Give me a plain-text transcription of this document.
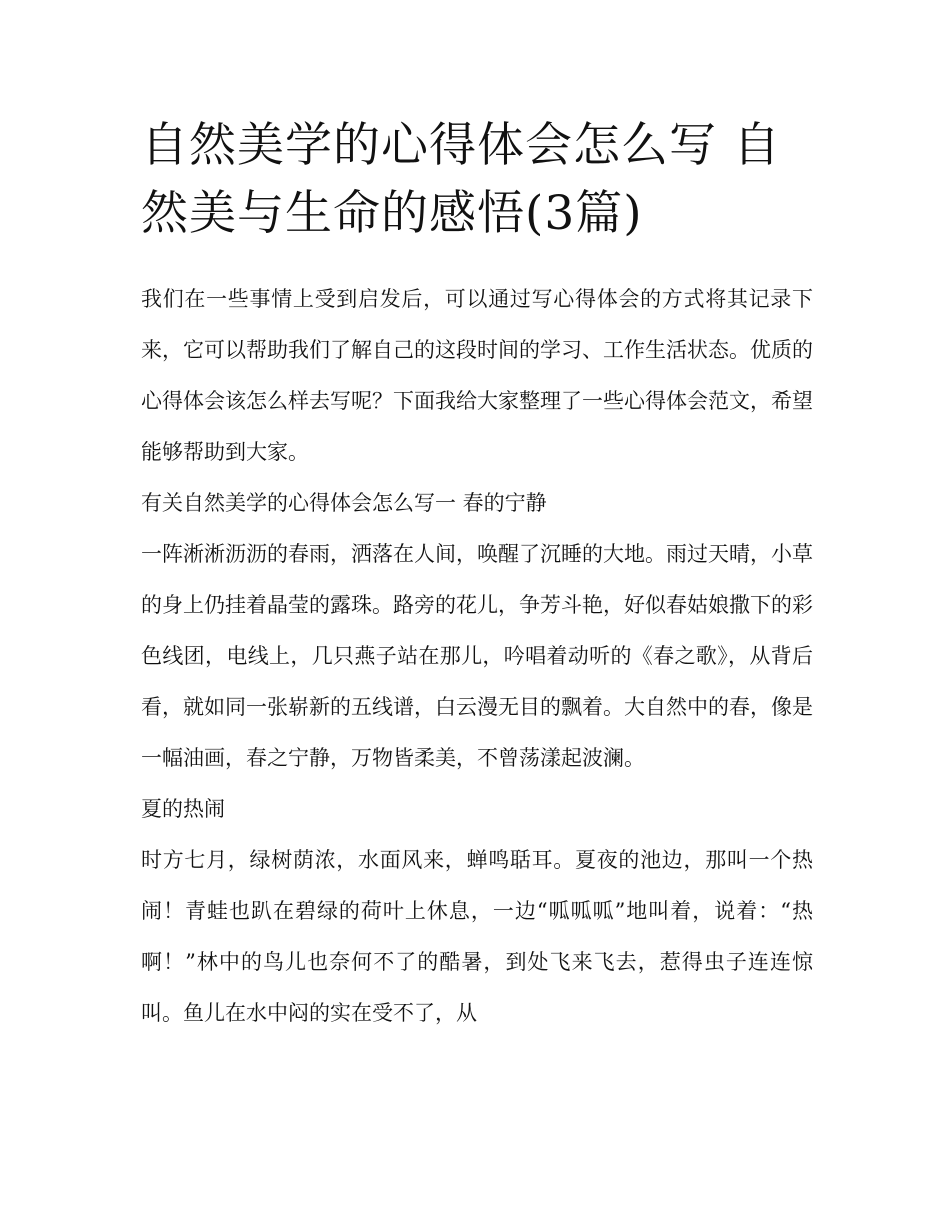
自然美学的心得体会怎么写 自然美与生命的感悟(3篇)

我们在一些事情上受到启发后，可以通过写心得体会的方式将其记录下来，它可以帮助我们了解自己的这段时间的学习、工作生活状态。优质的心得体会该怎么样去写呢？下面我给大家整理了一些心得体会范文，希望能够帮助到大家。

有关自然美学的心得体会怎么写一 春的宁静

一阵淅淅沥沥的春雨，洒落在人间，唤醒了沉睡的大地。雨过天晴，小草的身上仍挂着晶莹的露珠。路旁的花儿，争芳斗艳，好似春姑娘撒下的彩色线团，电线上，几只燕子站在那儿，吟唱着动听的《春之歌》，从背后看，就如同一张崭新的五线谱，白云漫无目的飘着。大自然中的春，像是一幅油画，春之宁静，万物皆柔美，不曾荡漾起波澜。

夏的热闹

时方七月，绿树荫浓，水面风来，蝉鸣聒耳。夏夜的池边，那叫一个热闹！青蛙也趴在碧绿的荷叶上休息，一边“呱呱呱”地叫着，说着：“热啊！”林中的鸟儿也奈何不了的酷暑，到处飞来飞去，惹得虫子连连惊叫。鱼儿在水中闷的实在受不了，从
